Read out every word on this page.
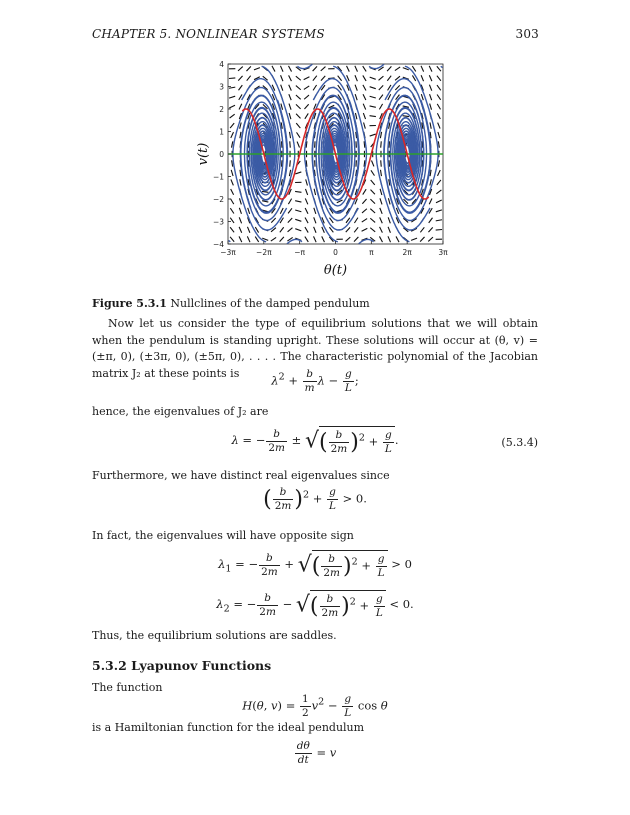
CHAPTER 5. NONLINEAR SYSTEMS	303
4
3
2
1
0
−1
−2
−3
−4
−3π	−2π	−π	0	π	2π	3π
θ(t)
v(t)
Figure 5.3.1 Nullclines of the damped pendulum
Now let us consider the type of equilibrium solutions that we will obtain when the pendulum is standing upright. These solutions will occur at (θ, v) = (±π, 0), (±3π, 0), (±5π, 0), . . . . The characteristic polynomial of the Jacobian matrix J₂ at these points is
$\lambda^2 + \frac{b}{m}$ $\lambda - \frac{g}{L}$ ;
hence, the eigenvalues of J₂ are
λ = − $\frac{b}{2m}$ ± √( $\frac{b}{2m} )^2 + \frac{g}{L}$ .	(5.3.4)
Furthermore, we have distinct real eigenvalues since
( $\frac{b}{2m} )^2 + \frac{g}{L} > 0$.
In fact, the eigenvalues will have opposite sign
$\lambda_1$ = − $\frac{b}{2m}$ + √( $\frac{b}{2m} )^2 + \frac{g}{L} > 0$
$\lambda_2$ = − $\frac{b}{2m}$ − √( $\frac{b}{2m} )^2 + \frac{g}{L} < 0$.
Thus, the equilibrium solutions are saddles.
5.3.2 Lyapunov Functions
The function
H(θ, $v) = \frac{1}{2} v^2 - \frac{g}{L}$ cos θ
is a Hamiltonian function for the ideal pendulum
$\frac{d\theta}{dt} = v$
